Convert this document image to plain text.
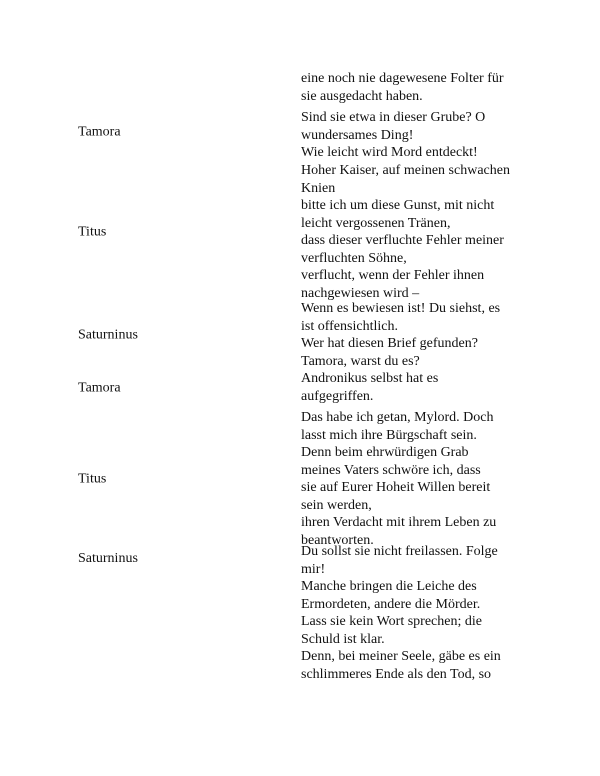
eine noch nie dagewesene Folter für
sie ausgedacht haben.
Tamora
Sind sie etwa in dieser Grube? O
wundersames Ding!
Wie leicht wird Mord entdeckt!
Titus
Hoher Kaiser, auf meinen schwachen
Knien
bitte ich um diese Gunst, mit nicht
leicht vergossenen Tränen,
dass dieser verfluchte Fehler meiner
verfluchten Söhne,
verflucht, wenn der Fehler ihnen
nachgewiesen wird –
Saturninus
Wenn es bewiesen ist! Du siehst, es
ist offensichtlich.
Wer hat diesen Brief gefunden?
Tamora, warst du es?
Tamora
Andronikus selbst hat es
aufgegriffen.
Titus
Das habe ich getan, Mylord. Doch
lasst mich ihre Bürgschaft sein.
Denn beim ehrwürdigen Grab
meines Vaters schwöre ich, dass
sie auf Eurer Hoheit Willen bereit
sein werden,
ihren Verdacht mit ihrem Leben zu
beantworten.
Saturninus	Du sollst sie nicht freilassen. Folge
mir!
Manche bringen die Leiche des
Ermordeten, andere die Mörder.
Lass sie kein Wort sprechen; die
Schuld ist klar.
Denn, bei meiner Seele, gäbe es ein
schlimmeres Ende als den Tod, so
